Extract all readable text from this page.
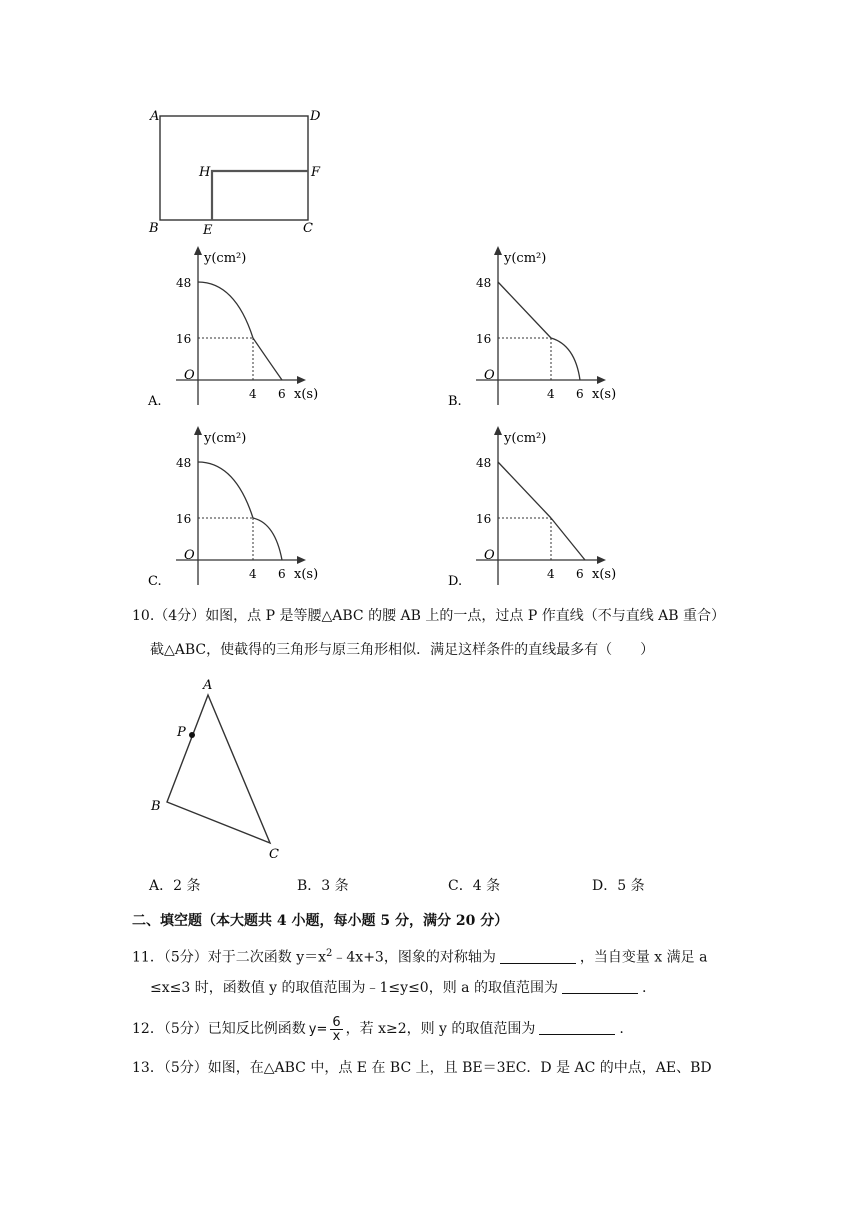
A	D
H	F
B	E	C
y(cm²)
48
16
O
4 6 x(s)
A.
y(cm²)
48
16
O
4 6 x(s)
B.
y(cm²)
48
16
O
4 6 x(s)
C.
y(cm²)
48
16
O
4 6 x(s)
D.
10.（4分）如图，点 P 是等腰△ABC 的腰 AB 上的一点，过点 P 作直线（不与直线 AB 重合）
截△ABC，使截得的三角形与原三角形相似．满足这样条件的直线最多有（　　）
A
P
B
C
A．2 条	B．3 条	C．4 条	D．5 条
二、填空题（本大题共 4 小题，每小题 5 分，满分 20 分）
11．（5分）对于二次函数 $y=x^2﹣4x+3$，图象的对称轴为	，当自变量 x 满足 a
≤x≤3 时，函数值 y 的取值范围为﹣1≤y≤0，则 a 的取值范围为	.
12．（5分）已知反比例函数 $y= \frac{6}{x}$ ，若 x≥2，则 y 的取值范围为	.
13．（5分）如图，在△ABC 中，点 E 在 BC 上，且 BE＝3EC．D 是 AC 的中点，AE、BD
